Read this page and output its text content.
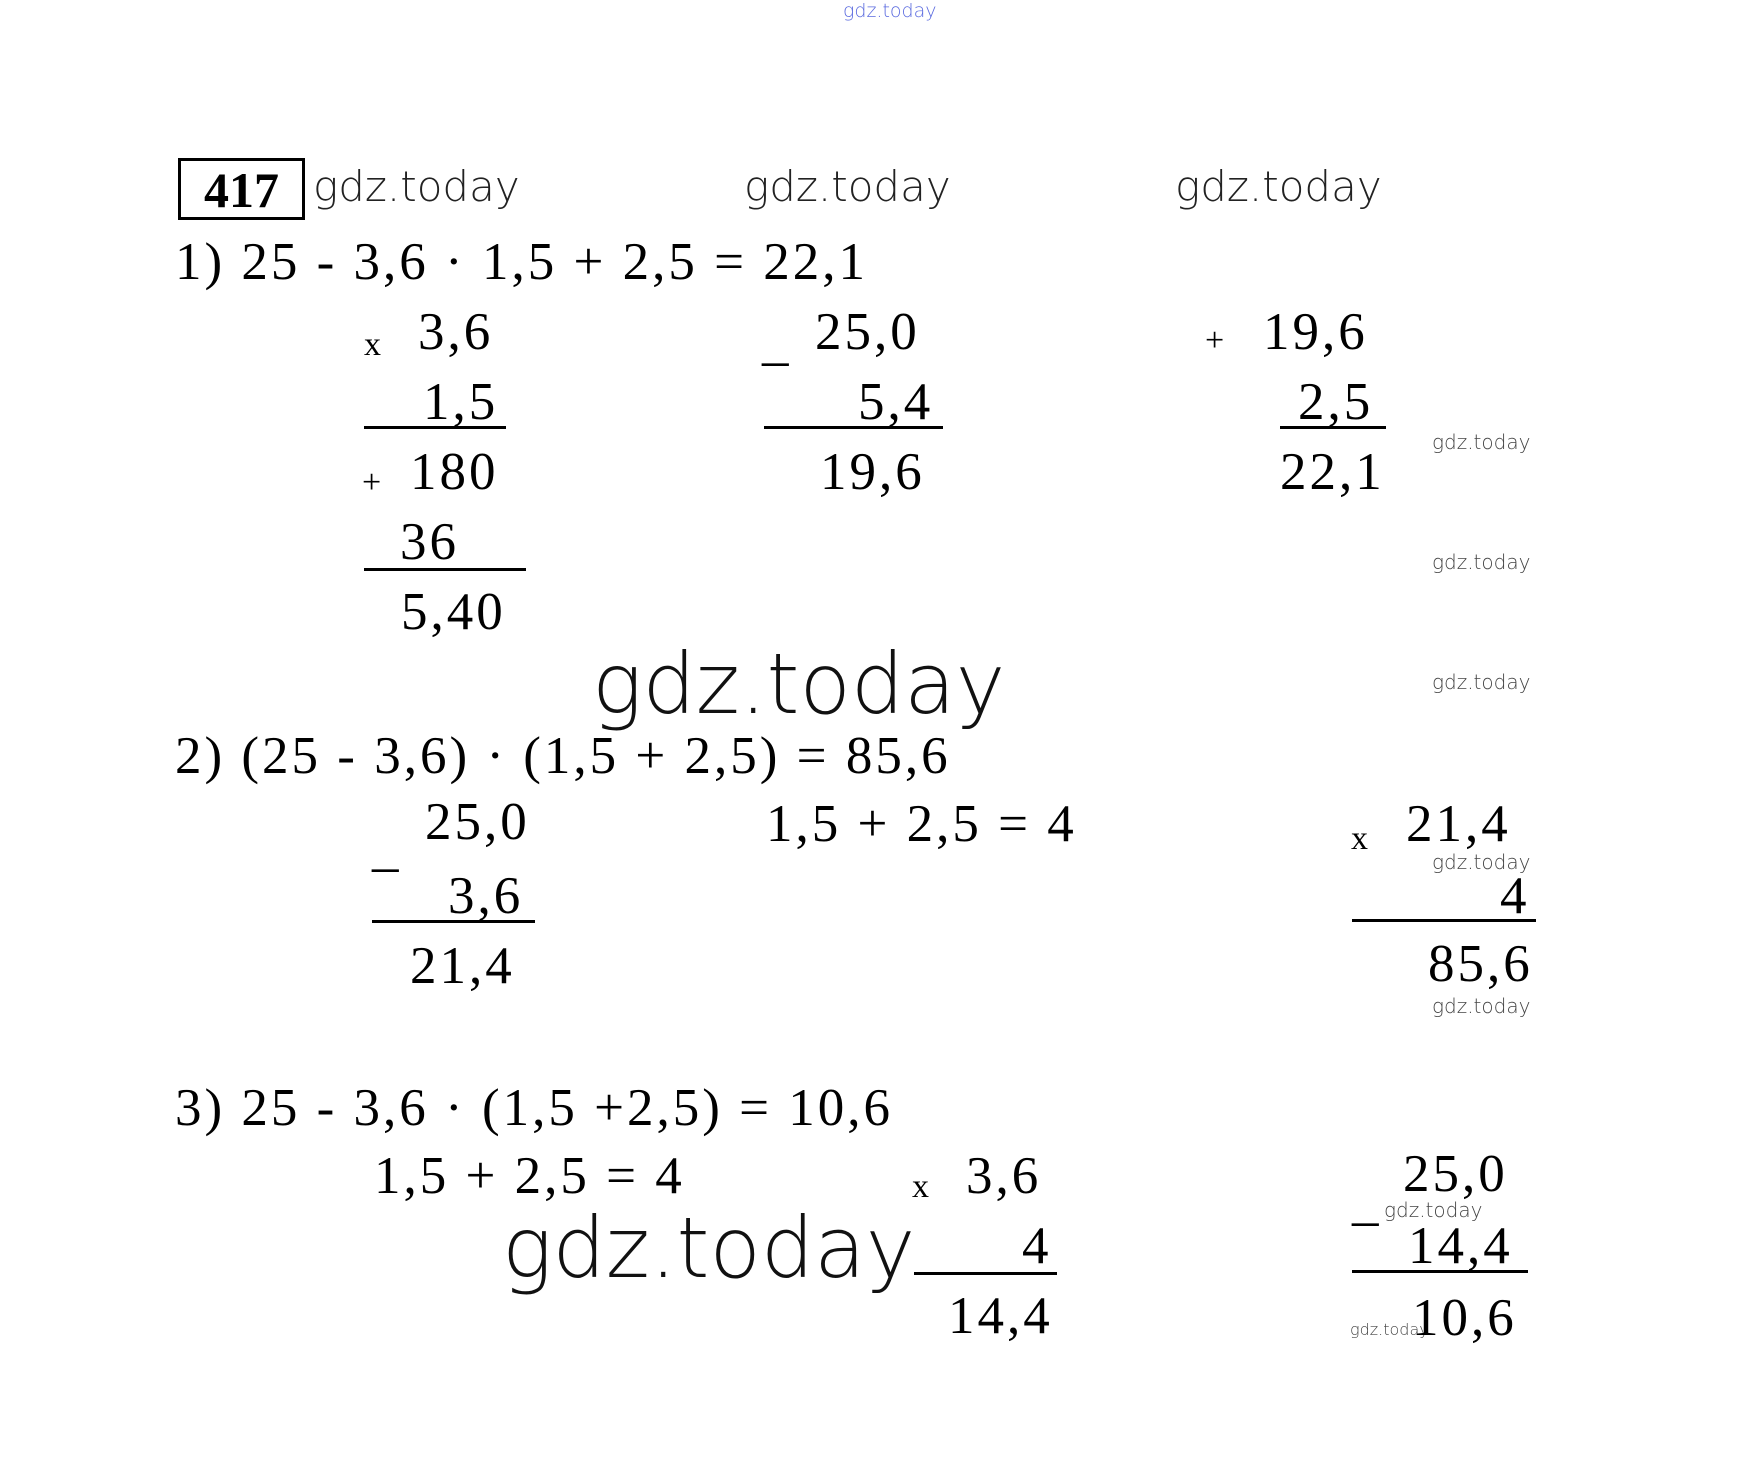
gdz.today
417 gdz.today	gdz.today	gdz.today
1) 25 - 3,6 · 1,5 + 2,5 = 22,1
x 3,6
1,5
+ 180
36
5,40
_ 25,0
5,4
19,6
+ 19,6
2,5
22,1
gdz.today
gdz.today
gdz.today	gdz.today
2) (25 - 3,6) · (1,5 + 2,5) = 85,6
_ 25,0
3,6
21,4
1,5 + 2,5 = 4	x 21,4
gdz.today
4
85,6
gdz.today
3) 25 - 3,6 · (1,5 +2,5) = 10,6
1,5 + 2,5 = 4	x 3,6
gdz.today 4
14,4
_ 25,0
gdz.today
14,4
gdz.today
10,6
